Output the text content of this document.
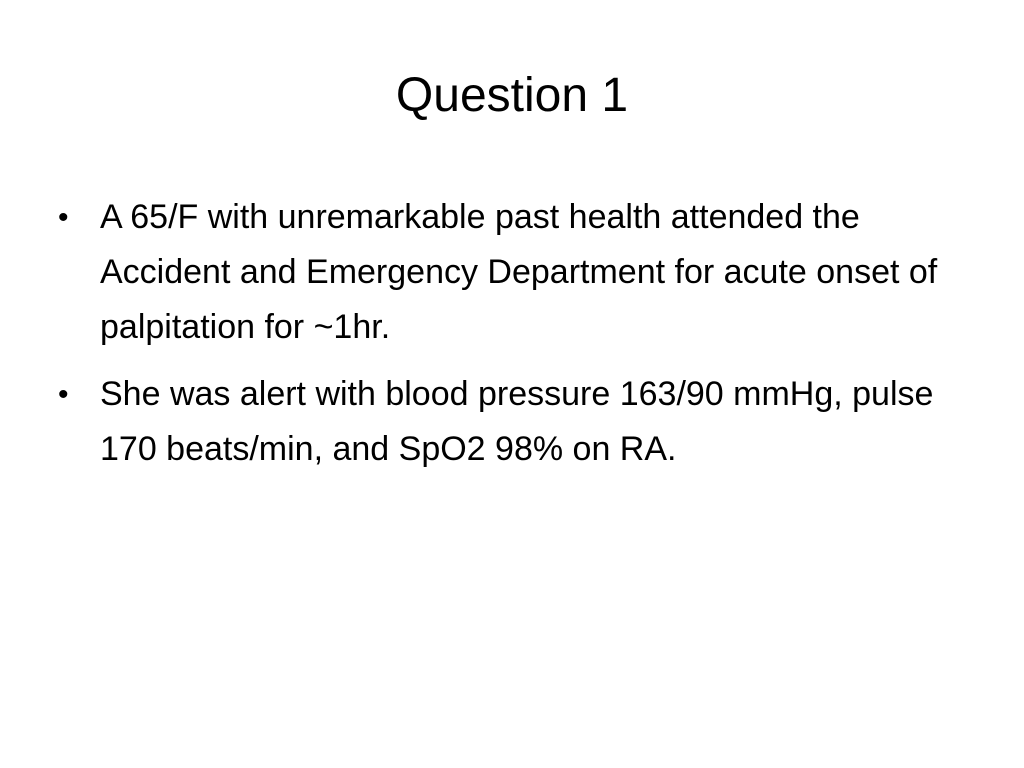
Question 1
• A 65/F with unremarkable past health attended the Accident and Emergency Department for acute onset of palpitation for ~1hr.
• She was alert with blood pressure 163/90 mmHg, pulse 170 beats/min, and SpO2 98% on RA.
